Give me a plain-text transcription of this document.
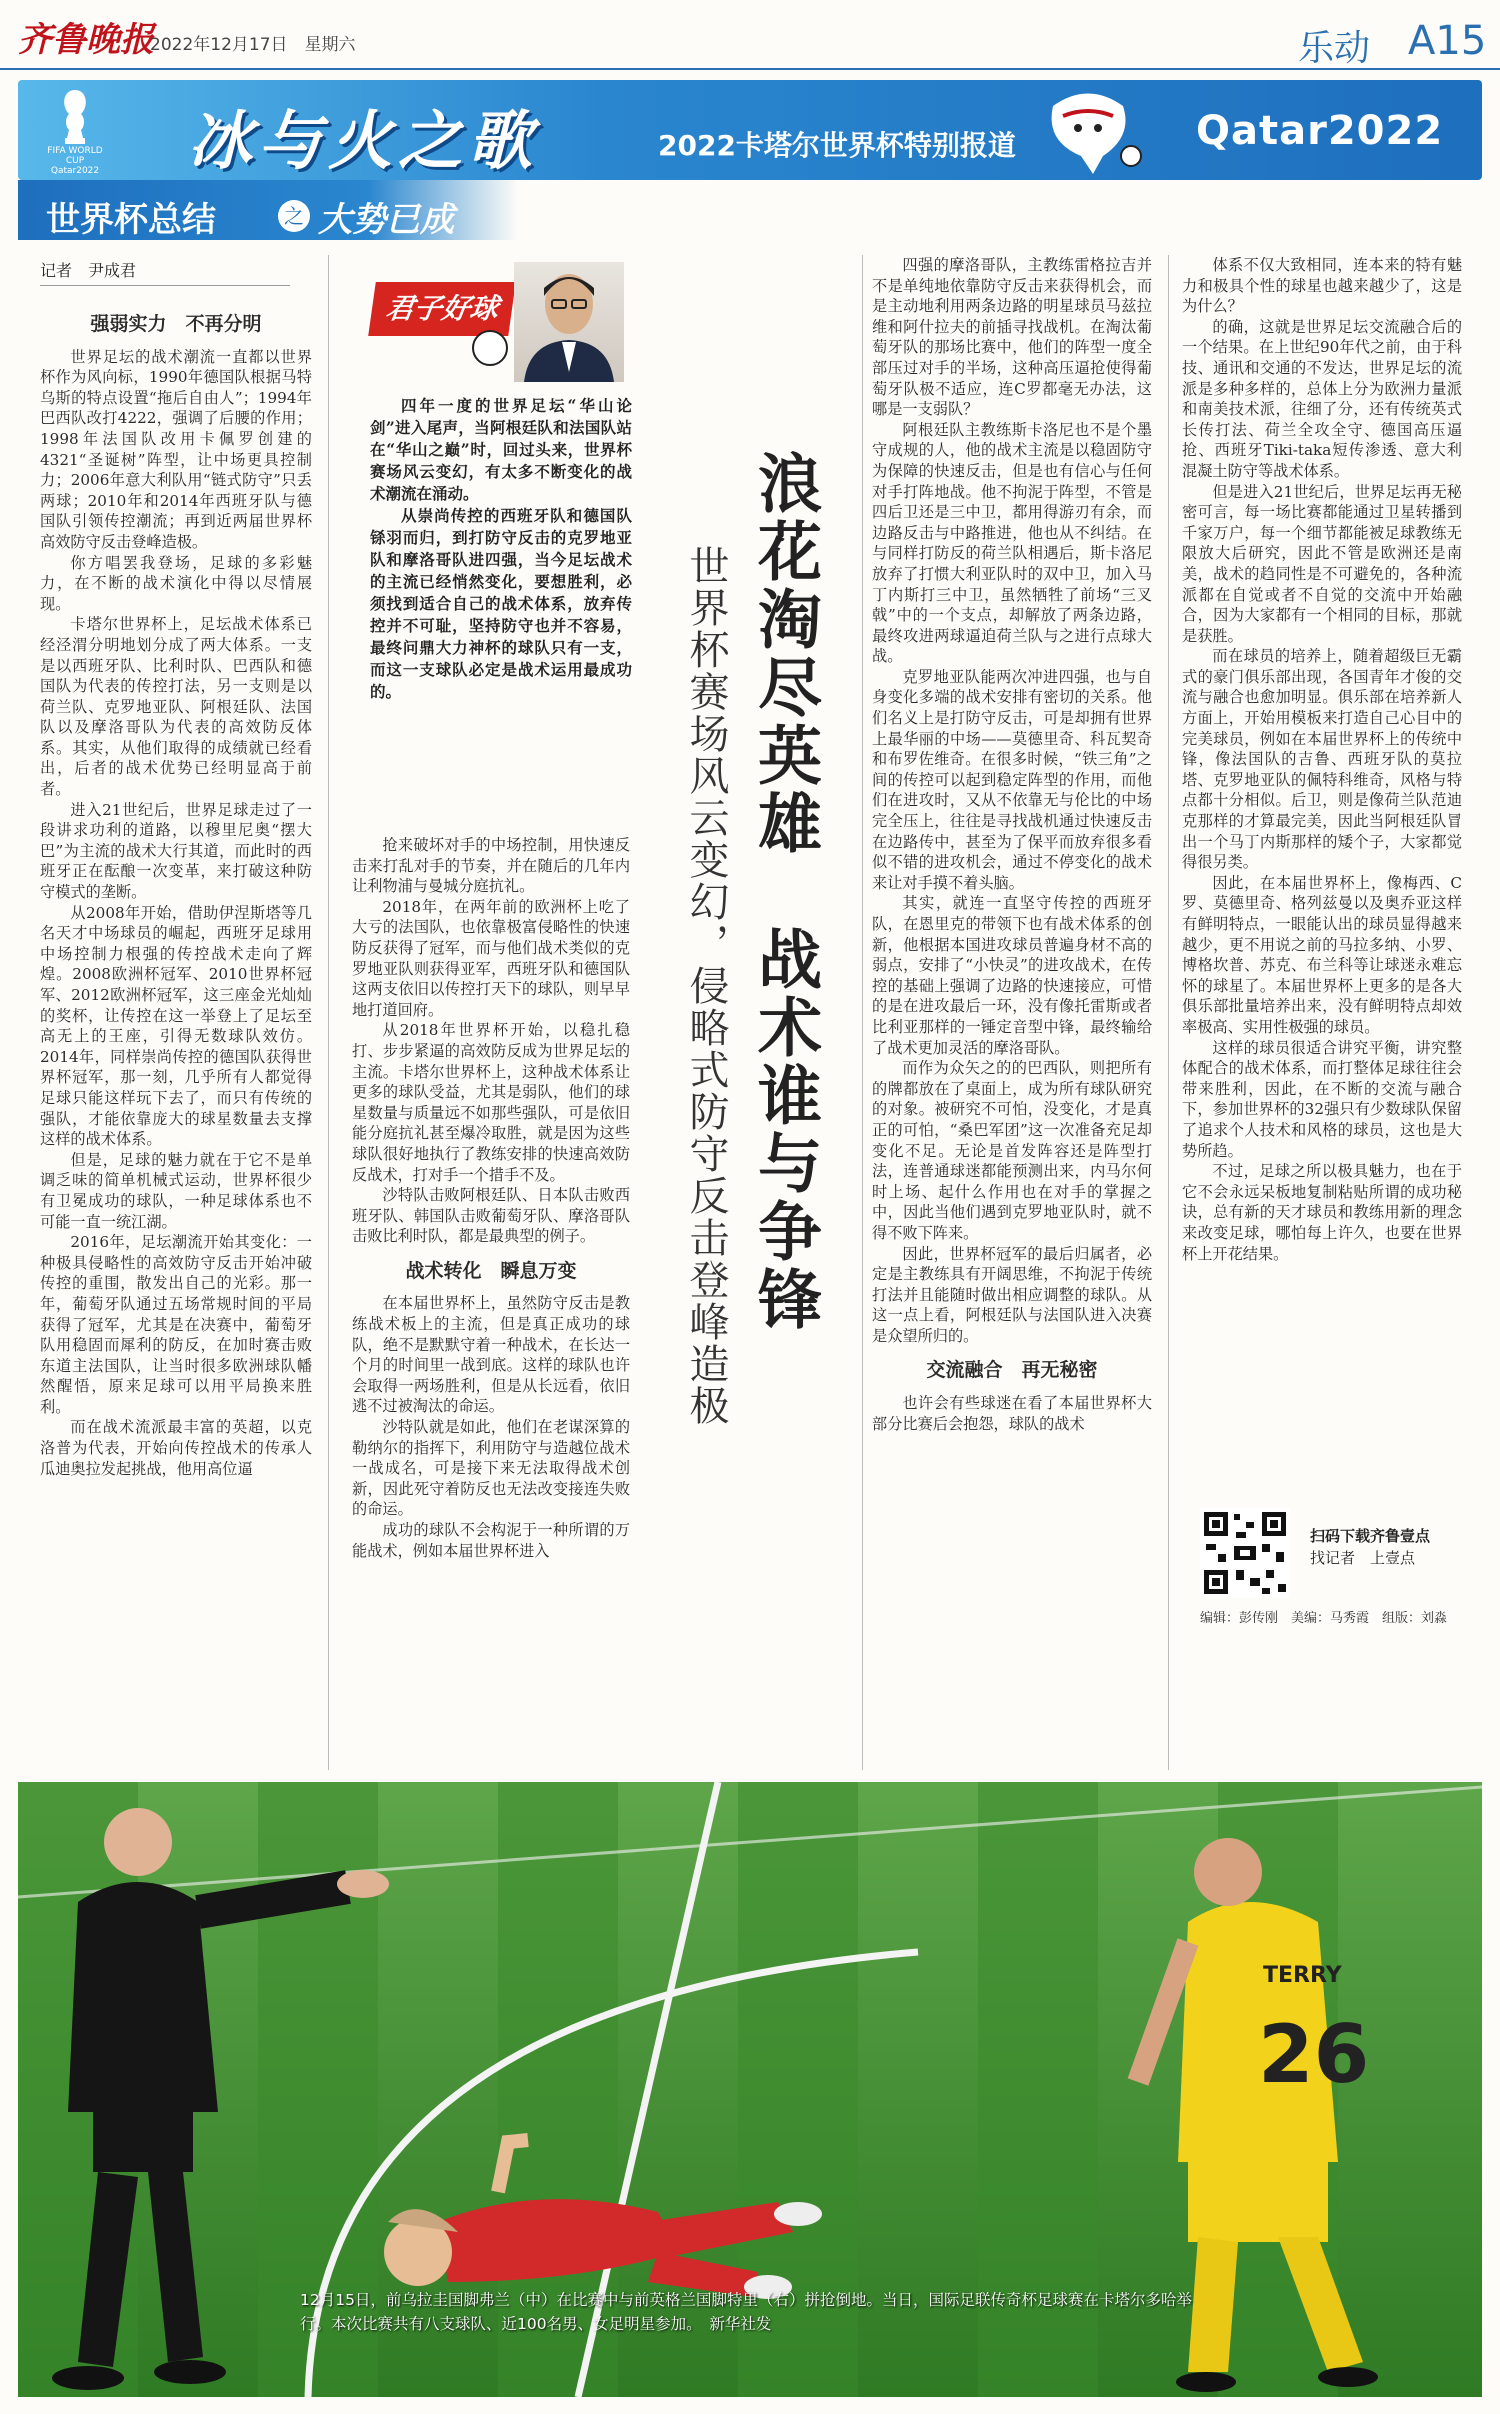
齐鲁晚报
2022年12月17日　星期六	乐动 A15
FIFA WORLD CUP
Qatar2022 冰与火之歌	2022卡塔尔世界杯特别报道	Qatar2022
世界杯总结	之 大势已成
记者　尹成君
强弱实力　不再分明

世界足坛的战术潮流一直都以世界杯作为风向标，1990年德国队根据马特乌斯的特点设置“拖后自由人”；1994年巴西队改打4222，强调了后腰的作用；1998年法国队改用卡佩罗创建的4321“圣诞树”阵型，让中场更具控制力；2006年意大利队用“链式防守”只丢两球；2010年和2014年西班牙队与德国队引领传控潮流；再到近两届世界杯高效防守反击登峰造极。

你方唱罢我登场，足球的多彩魅力，在不断的战术演化中得以尽情展现。

卡塔尔世界杯上，足坛战术体系已经泾渭分明地划分成了两大体系。一支是以西班牙队、比利时队、巴西队和德国队为代表的传控打法，另一支则是以荷兰队、克罗地亚队、阿根廷队、法国队以及摩洛哥队为代表的高效防反体系。其实，从他们取得的成绩就已经看出，后者的战术优势已经明显高于前者。

进入21世纪后，世界足球走过了一段讲求功利的道路，以穆里尼奥“摆大巴”为主流的战术大行其道，而此时的西班牙正在酝酿一次变革，来打破这种防守模式的垄断。

从2008年开始，借助伊涅斯塔等几名天才中场球员的崛起，西班牙足球用中场控制力根强的传控战术走向了辉煌。2008欧洲杯冠军、2010世界杯冠军、2012欧洲杯冠军，这三座金光灿灿的奖杯，让传控在这一举登上了足坛至高无上的王座，引得无数球队效仿。2014年，同样崇尚传控的德国队获得世界杯冠军，那一刻，几乎所有人都觉得足球只能这样玩下去了，而只有传统的强队，才能依靠庞大的球星数量去支撑这样的战术体系。

但是，足球的魅力就在于它不是单调乏味的简单机械式运动，世界杯很少有卫冕成功的球队，一种足球体系也不可能一直一统江湖。

2016年，足坛潮流开始其变化：一种极具侵略性的高效防守反击开始冲破传控的重围，散发出自己的光彩。那一年，葡萄牙队通过五场常规时间的平局获得了冠军，尤其是在决赛中，葡萄牙队用稳固而犀利的防反，在加时赛击败东道主法国队，让当时很多欧洲球队幡然醒悟，原来足球可以用平局换来胜利。

而在战术流派最丰富的英超，以克洛普为代表，开始向传控战术的传承人瓜迪奥拉发起挑战，他用高位逼

君子好球

四年一度的世界足坛“华山论剑”进入尾声，当阿根廷队和法国队站在“华山之巅”时，回过头来，世界杯赛场风云变幻，有太多不断变化的战术潮流在涌动。

从崇尚传控的西班牙队和德国队铩羽而归，到打防守反击的克罗地亚队和摩洛哥队进四强，当今足坛战术的主流已经悄然变化，要想胜利，必须找到适合自己的战术体系，放弃传控并不可耻，坚持防守也并不容易，最终问鼎大力神杯的球队只有一支，而这一支球队必定是战术运用最成功的。	浪花淘尽英雄　战术谁与争锋
世界杯赛场风云变幻，侵略式防守反击登峰造极

抢来破坏对手的中场控制，用快速反击来打乱对手的节奏，并在随后的几年内让利物浦与曼城分庭抗礼。

2018年，在两年前的欧洲杯上吃了大亏的法国队，也依靠极富侵略性的快速防反获得了冠军，而与他们战术类似的克罗地亚队则获得亚军，西班牙队和德国队这两支依旧以传控打天下的球队，则早早地打道回府。

从2018年世界杯开始，以稳扎稳打、步步紧逼的高效防反成为世界足坛的主流。卡塔尔世界杯上，这种战术体系让更多的球队受益，尤其是弱队，他们的球星数量与质量远不如那些强队，可是依旧能分庭抗礼甚至爆冷取胜，就是因为这些球队很好地执行了教练安排的快速高效防反战术，打对手一个措手不及。

沙特队击败阿根廷队、日本队击败西班牙队、韩国队击败葡萄牙队、摩洛哥队击败比利时队，都是最典型的例子。

战术转化　瞬息万变

在本届世界杯上，虽然防守反击是教练战术板上的主流，但是真正成功的球队，绝不是默默守着一种战术，在长达一个月的时间里一战到底。这样的球队也许会取得一两场胜利，但是从长远看，依旧逃不过被淘汰的命运。

沙特队就是如此，他们在老谋深算的勒纳尔的指挥下，利用防守与造越位战术一战成名，可是接下来无法取得战术创新，因此死守着防反也无法改变接连失败的命运。

成功的球队不会构泥于一种所谓的万能战术，例如本届世界杯进入

四强的摩洛哥队，主教练雷格拉吉并不是单纯地依靠防守反击来获得机会，而是主动地利用两条边路的明星球员马兹拉维和阿什拉夫的前插寻找战机。在淘汰葡萄牙队的那场比赛中，他们的阵型一度全部压过对手的半场，这种高压逼抢使得葡萄牙队极不适应，连C罗都毫无办法，这哪是一支弱队？

阿根廷队主教练斯卡洛尼也不是个墨守成规的人，他的战术主流是以稳固防守为保障的快速反击，但是也有信心与任何对手打阵地战。他不拘泥于阵型，不管是四后卫还是三中卫，都用得游刃有余，而边路反击与中路推进，他也从不纠结。在与同样打防反的荷兰队相遇后，斯卡洛尼放弃了打惯大利亚队时的双中卫，加入马丁内斯打三中卫，虽然牺牲了前场“三叉戟”中的一个支点，却解放了两条边路，最终攻进两球逼迫荷兰队与之进行点球大战。

克罗地亚队能两次冲进四强，也与自身变化多端的战术安排有密切的关系。他们名义上是打防守反击，可是却拥有世界上最华丽的中场——莫德里奇、科瓦契奇和布罗佐维奇。在很多时候，“铁三角”之间的传控可以起到稳定阵型的作用，而他们在进攻时，又从不依靠无与伦比的中场完全压上，往往是寻找战机通过快速反击在边路传中，甚至为了保平而放弃很多看似不错的进攻机会，通过不停变化的战术来让对手摸不着头脑。

其实，就连一直坚守传控的西班牙队，在恩里克的带领下也有战术体系的创新，他根据本国进攻球员普遍身材不高的弱点，安排了“小快灵”的进攻战术，在传控的基础上强调了边路的快速接应，可惜的是在进攻最后一环，没有像托雷斯或者比利亚那样的一锤定音型中锋，最终输给了战术更加灵活的摩洛哥队。

而作为众矢之的的巴西队，则把所有的牌都放在了桌面上，成为所有球队研究的对象。被研究不可怕，没变化，才是真正的可怕，“桑巴军团”这一次准备充足却变化不足。无论是首发阵容还是阵型打法，连普通球迷都能预测出来，内马尔何时上场、起什么作用也在对手的掌握之中，因此当他们遇到克罗地亚队时，就不得不败下阵来。

因此，世界杯冠军的最后归属者，必定是主教练具有开阔思维，不拘泥于传统打法并且能随时做出相应调整的球队。从这一点上看，阿根廷队与法国队进入决赛是众望所归的。

交流融合　再无秘密

也许会有些球迷在看了本届世界杯大部分比赛后会抱怨，球队的战术

体系不仅大致相同，连本来的特有魅力和极具个性的球星也越来越少了，这是为什么？

的确，这就是世界足坛交流融合后的一个结果。在上世纪90年代之前，由于科技、通讯和交通的不发达，世界足坛的流派是多种多样的，总体上分为欧洲力量派和南美技术派，往细了分，还有传统英式长传打法、荷兰全攻全守、德国高压逼抢、西班牙Tiki-taka短传渗透、意大利混凝土防守等战术体系。

但是进入21世纪后，世界足坛再无秘密可言，每一场比赛都能通过卫星转播到千家万户，每一个细节都能被足球教练无限放大后研究，因此不管是欧洲还是南美，战术的趋同性是不可避免的，各种流派都在自觉或者不自觉的交流中开始融合，因为大家都有一个相同的目标，那就是获胜。

而在球员的培养上，随着超级巨无霸式的豪门俱乐部出现，各国青年才俊的交流与融合也愈加明显。俱乐部在培养新人方面上，开始用模板来打造自己心目中的完美球员，例如在本届世界杯上的传统中锋，像法国队的吉鲁、西班牙队的莫拉塔、克罗地亚队的佩特科维奇，风格与特点都十分相似。后卫，则是像荷兰队范迪克那样的才算最完美，因此当阿根廷队冒出一个马丁内斯那样的矮个子，大家都觉得很另类。

因此，在本届世界杯上，像梅西、C罗、莫德里奇、格列兹曼以及奥乔亚这样有鲜明特点，一眼能认出的球员显得越来越少，更不用说之前的马拉多纳、小罗、博格坎普、苏克、布兰科等让球迷永难忘怀的球星了。本届世界杯上更多的是各大俱乐部批量培养出来，没有鲜明特点却效率极高、实用性极强的球员。

这样的球员很适合讲究平衡，讲究整体配合的战术体系，而打整体足球往往会带来胜利，因此，在不断的交流与融合下，参加世界杯的32强只有少数球队保留了追求个人技术和风格的球员，这也是大势所趋。

不过，足球之所以极具魅力，也在于它不会永远呆板地复制粘贴所谓的成功秘诀，总有新的天才球员和教练用新的理念来改变足球，哪怕每上许久，也要在世界杯上开花结果。

扫码下载齐鲁壹点
找记者　上壹点
编辑：彭传刚　美编：马秀霞　组版：刘淼
26
TERRY
12月15日，前乌拉圭国脚弗兰（中）在比赛中与前英格兰国脚特里（右）拼抢倒地。当日，国际足联传奇杯足球赛在卡塔尔多哈举行。本次比赛共有八支球队、近100名男、女足明星参加。　新华社发
